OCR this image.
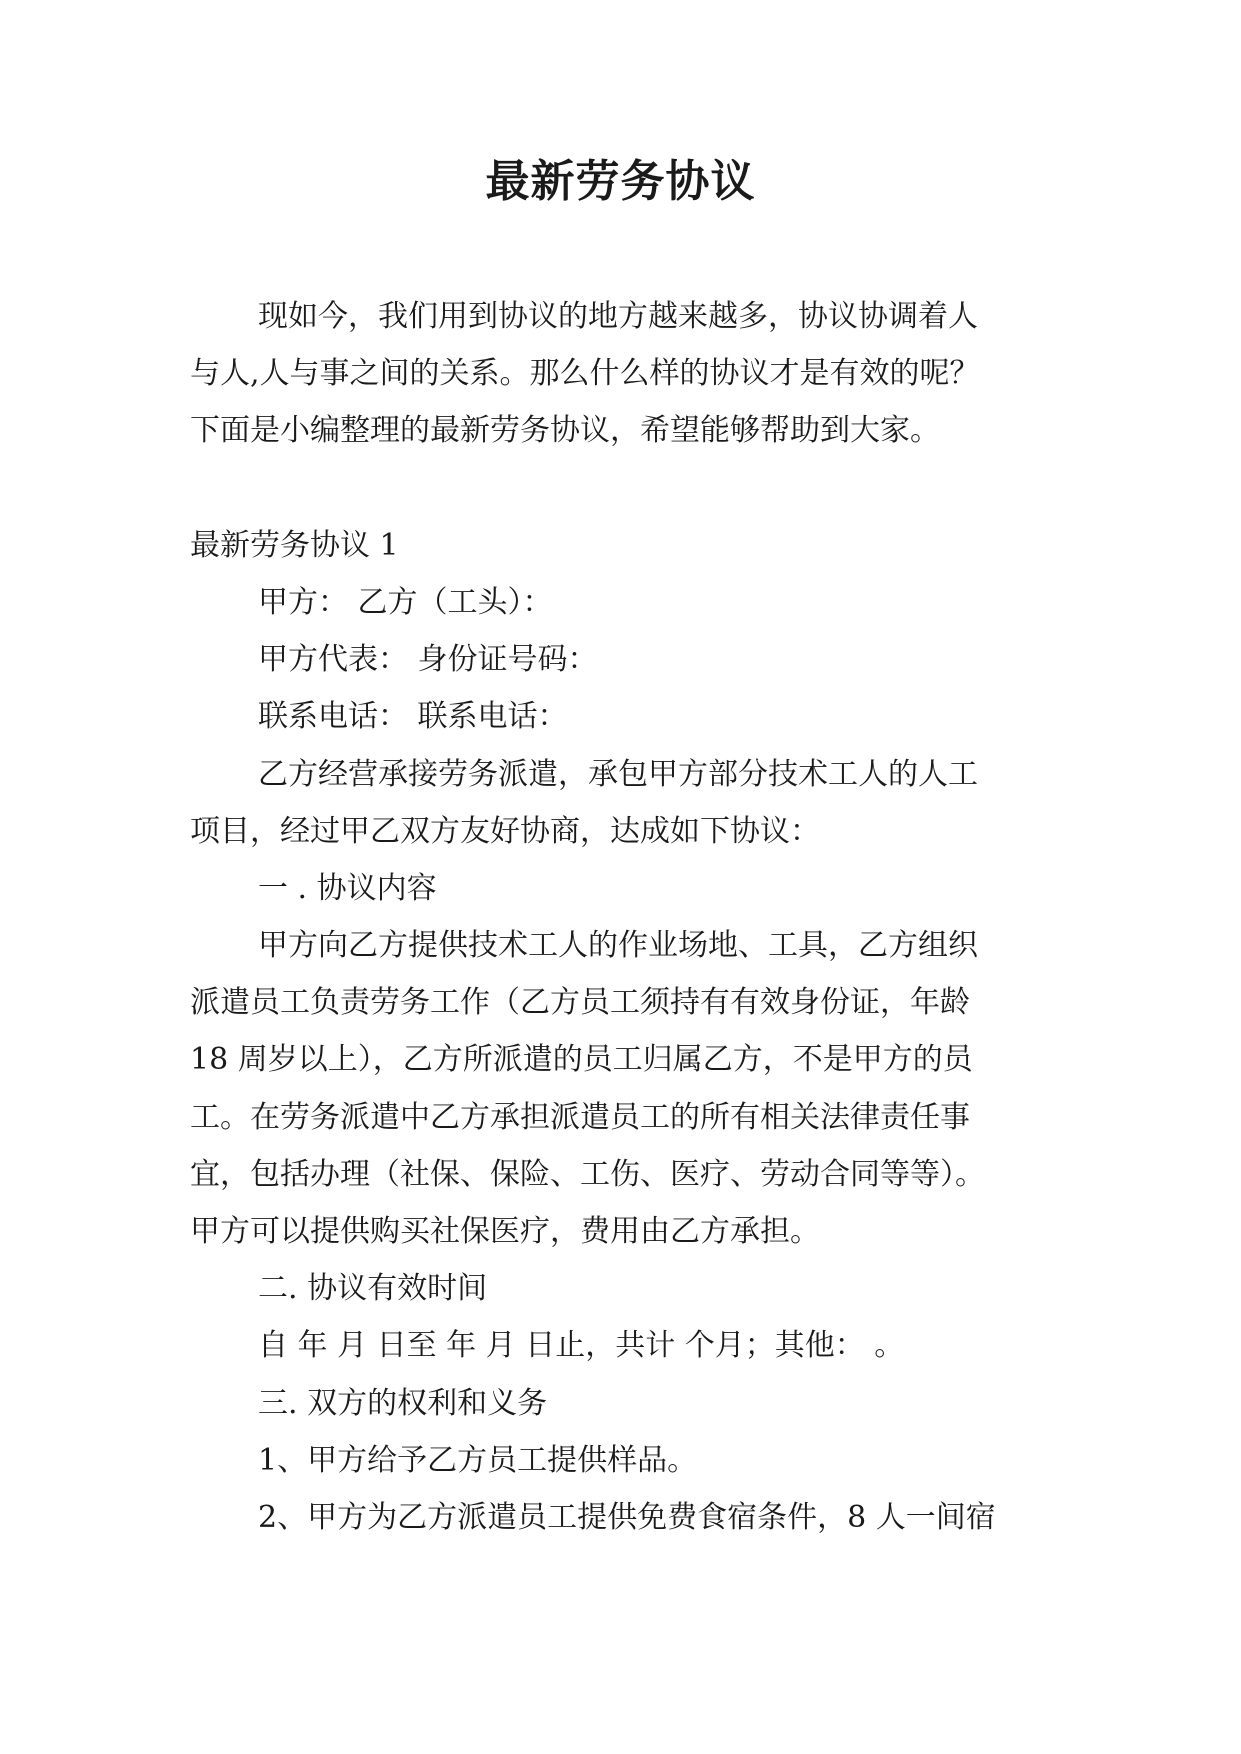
最新劳务协议
现如今，我们用到协议的地方越来越多，协议协调着人
与人,人与事之间的关系。那么什么样的协议才是有效的呢？
下面是小编整理的最新劳务协议，希望能够帮助到大家。
最新劳务协议 1
甲方： 乙方（工头）：
甲方代表： 身份证号码：
联系电话： 联系电话：
乙方经营承接劳务派遣，承包甲方部分技术工人的人工
项目，经过甲乙双方友好协商，达成如下协议：
一 . 协议内容
甲方向乙方提供技术工人的作业场地、工具，乙方组织
派遣员工负责劳务工作（乙方员工须持有有效身份证，年龄
18 周岁以上），乙方所派遣的员工归属乙方，不是甲方的员
工。在劳务派遣中乙方承担派遣员工的所有相关法律责任事
宜，包括办理（社保、保险、工伤、医疗、劳动合同等等）。
甲方可以提供购买社保医疗，费用由乙方承担。
二. 协议有效时间
自 年 月 日至 年 月 日止，共计 个月；其他： 。
三. 双方的权利和义务
1、甲方给予乙方员工提供样品。
2、甲方为乙方派遣员工提供免费食宿条件，8 人一间宿
